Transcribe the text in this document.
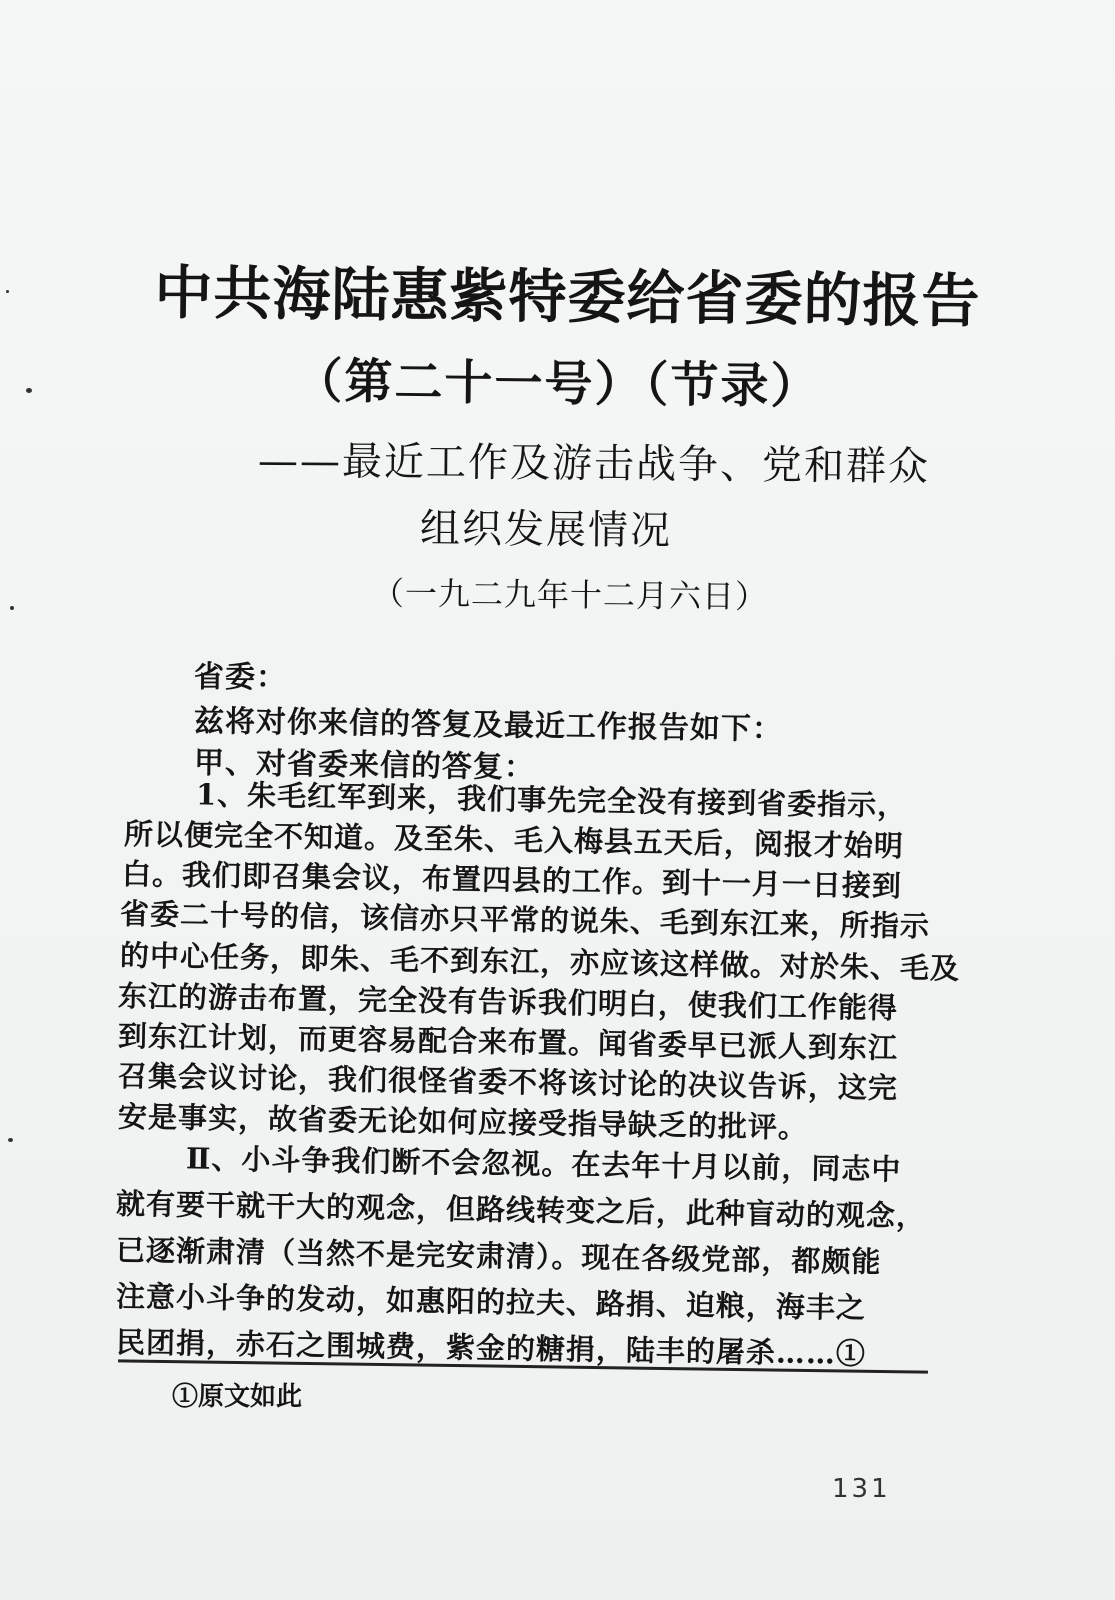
中共海陆惠紫特委给省委的报告
（第二十一号）（节录）
——最近工作及游击战争、党和群众
组织发展情况
（一九二九年十二月六日）
省委：
兹将对你来信的答复及最近工作报告如下：
甲、对省委来信的答复：
1、朱毛红军到来，我们事先完全没有接到省委指示，
所以便完全不知道。及至朱、毛入梅县五天后，阅报才始明
白。我们即召集会议，布置四县的工作。到十一月一日接到
省委二十号的信，该信亦只平常的说朱、毛到东江来，所指示
的中心任务，即朱、毛不到东江，亦应该这样做。对於朱、毛及
东江的游击布置，完全没有告诉我们明白，使我们工作能得
到东江计划，而更容易配合来布置。闻省委早已派人到东江
召集会议讨论，我们很怪省委不将该讨论的决议告诉，这完
安是事实，故省委无论如何应接受指导缺乏的批评。
Ⅱ、小斗争我们断不会忽视。在去年十月以前，同志中
就有要干就干大的观念，但路线转变之后，此种盲动的观念，
已逐渐肃清（当然不是完安肃清）。现在各级党部，都颇能
注意小斗争的发动，如惠阳的拉夫、路捐、迫粮，海丰之
民团捐，赤石之围城费，紫金的糖捐，陆丰的屠杀……①
①原文如此
131
